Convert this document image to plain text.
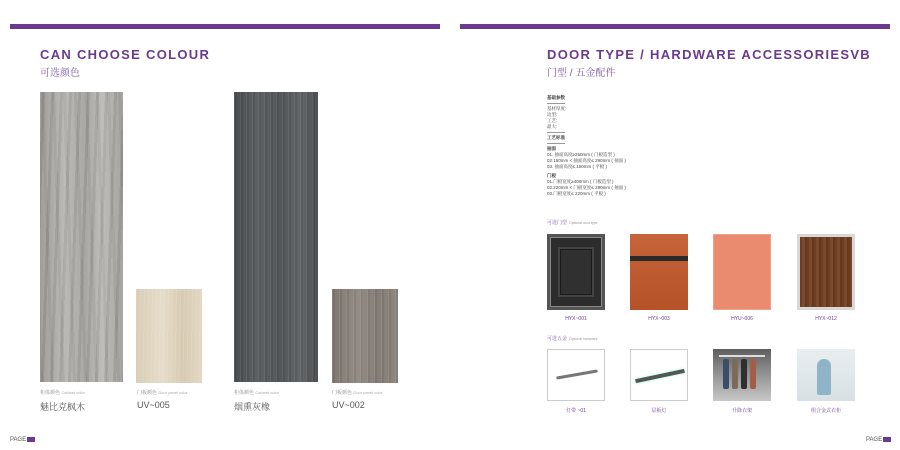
CAN CHOOSE COLOUR
可选颜色
柜体颜色 Cabinet color
魅比克枫木
门板颜色 Door panel color
UV~005
柜体颜色 Cabinet color
烟熏灰橡
门板颜色 Door panel color
UV~002
PAGE
DOOR TYPE / HARDWARE ACCESSORIESVB
门型 / 五金配件
基础参数
基材厚度:
边型:
工艺:
最大:
工艺标准
抽面
01. 抽面高度≥250mm ( 门板造型 )
02.150mm < 抽面高度≤ 290mm ( 抽面 )
03. 抽面高度≤ 150mm ( 平板 )
门板
01.门板宽度≥400mm ( 门板造型 )
02.220mm < 门板宽度≤ 290mm ( 抽面 )
03.门板宽度≤ 220mm ( 平板 )
可选门型 Optional door type
HYX~001	HYX~003	HYU~006	HYX~012
可选五金 Optional hardware
灯带 ~01	层板灯	升降衣架	组合金式衣柜
PAGE
